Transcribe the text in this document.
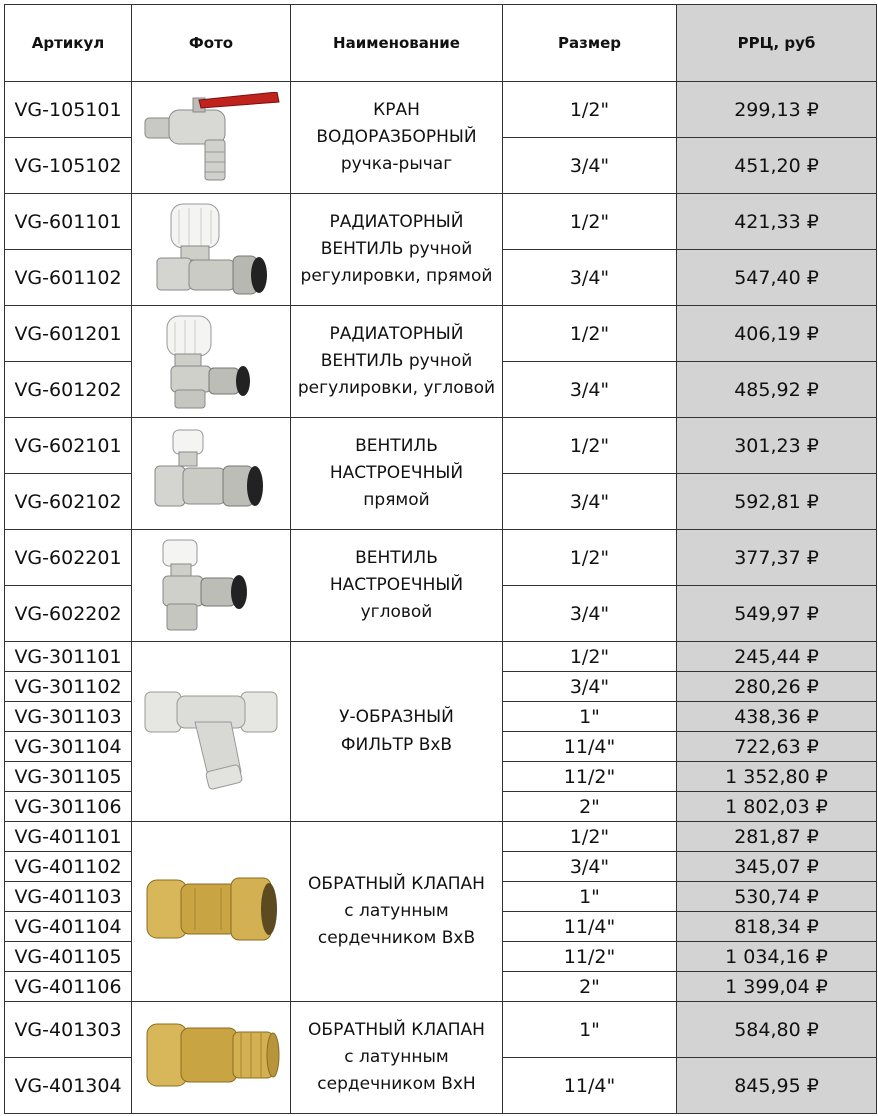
Артикул	Фото	Наименование	Размер	РРЦ, руб
VG-105101		КРАН
ВОДОРАЗБОРНЫЙ
ручка-рычаг	1/2"	299,13 ₽
VG-105102			3/4"	451,20 ₽
VG-601101		РАДИАТОРНЫЙ
ВЕНТИЛЬ ручной
регулировки, прямой	1/2"	421,33 ₽
VG-601102			3/4"	547,40 ₽
VG-601201		РАДИАТОРНЫЙ
ВЕНТИЛЬ ручной
регулировки, угловой	1/2"	406,19 ₽
VG-601202			3/4"	485,92 ₽
VG-602101		ВЕНТИЛЬ
НАСТРОЕЧНЫЙ
прямой	1/2"	301,23 ₽
VG-602102			3/4"	592,81 ₽
VG-602201		ВЕНТИЛЬ
НАСТРОЕЧНЫЙ
угловой	1/2"	377,37 ₽
VG-602202			3/4"	549,97 ₽
VG-301101		У-ОБРАЗНЫЙ
ФИЛЬТР ВхВ	1/2"	245,44 ₽
VG-301102			3/4"	280,26 ₽
VG-301103			1"	438,36 ₽
VG-301104			11/4"	722,63 ₽
VG-301105			11/2"	1 352,80 ₽
VG-301106			2"	1 802,03 ₽
VG-401101		ОБРАТНЫЙ КЛАПАН
с латунным
сердечником ВхВ	1/2"	281,87 ₽
VG-401102			3/4"	345,07 ₽
VG-401103			1"	530,74 ₽
VG-401104			11/4"	818,34 ₽
VG-401105			11/2"	1 034,16 ₽
VG-401106			2"	1 399,04 ₽
VG-401303		ОБРАТНЫЙ КЛАПАН
с латунным
сердечником ВхН	1"	584,80 ₽
VG-401304			11/4"	845,95 ₽
